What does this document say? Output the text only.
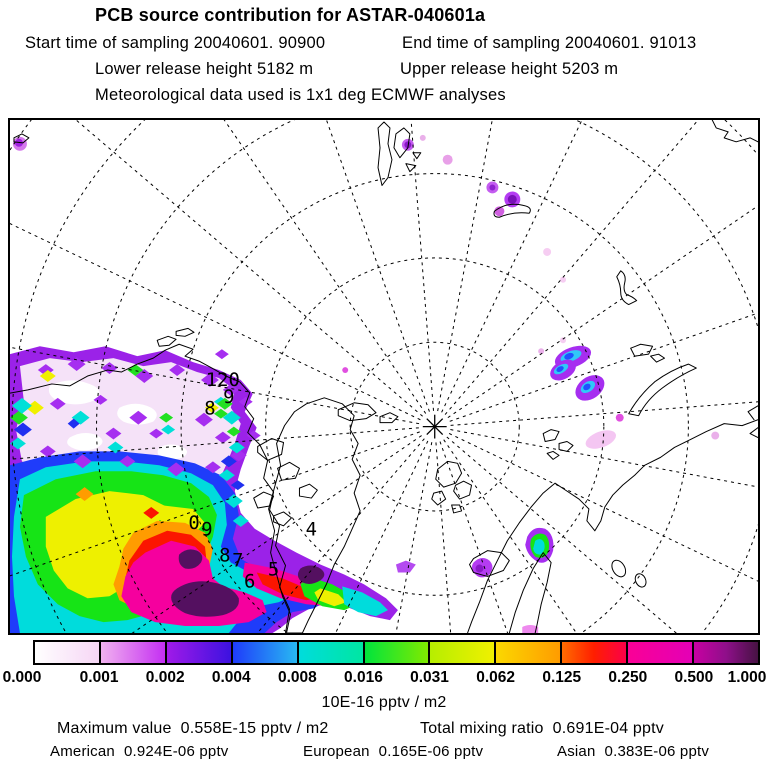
PCB source contribution for ASTAR-040601a
Start time of sampling 20040601. 90900	End time of sampling 20040601. 91013
Lower release height 5182 m	Upper release height 5203 m
Meteorological data used is 1x1 deg ECMWF analyses
120
9
8
0 9
8 7
6
5
4
0.000 0.001 0.002 0.004 0.008 0.016 0.031 0.062 0.125 0.250 0.500 1.000
10E-16 pptv / m2
Maximum value 0.558E-15 pptv / m2	Total mixing ratio 0.691E-04 pptv
American 0.924E-06 pptv	European 0.165E-06 pptv	Asian 0.383E-06 pptv
